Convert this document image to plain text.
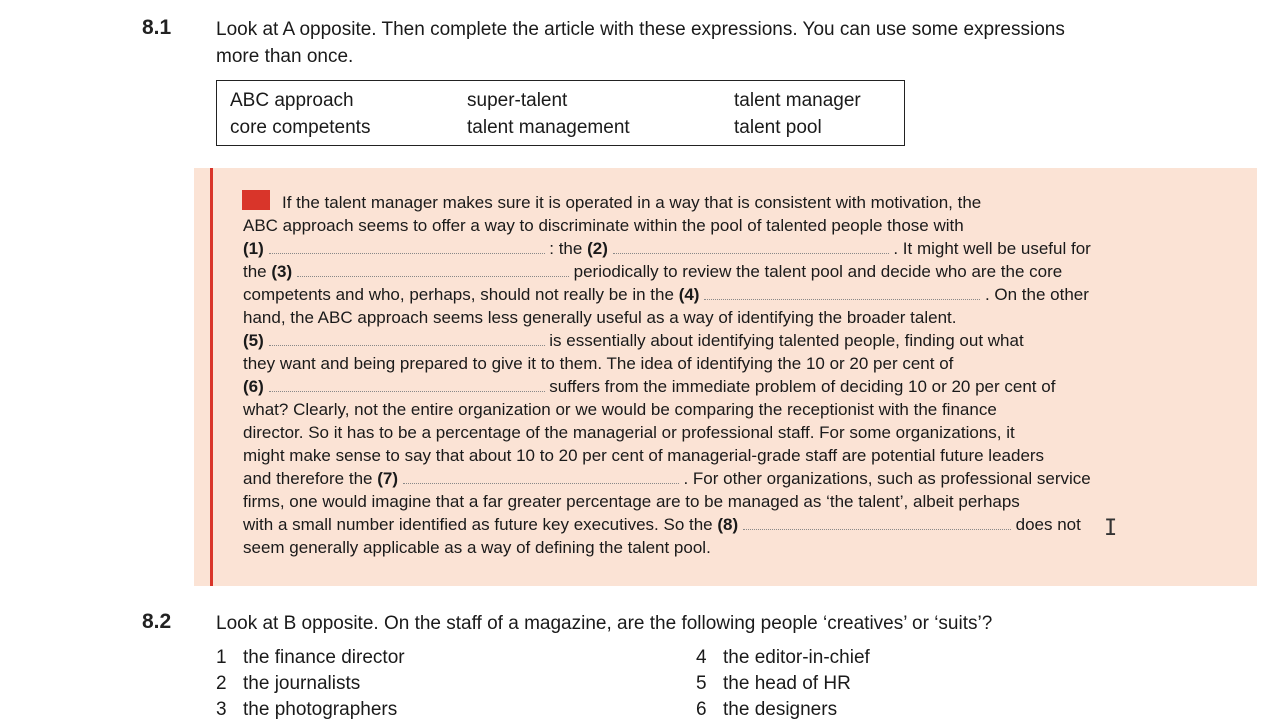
8.1 Look at A opposite. Then complete the article with these expressions. You can use some expressions
more than once.
ABC approach	super-talent	talent manager
core competents	talent management	talent pool
If the talent manager makes sure it is operated in a way that is consistent with motivation, the
ABC approach seems to offer a way to discriminate within the pool of talented people those with
(1)	: the (2)	. It might well be useful for
the (3)	periodically to review the talent pool and decide who are the core
competents and who, perhaps, should not really be in the (4)	. On the other
hand, the ABC approach seems less generally useful as a way of identifying the broader talent.
(5)	is essentially about identifying talented people, finding out what
they want and being prepared to give it to them. The idea of identifying the 10 or 20 per cent of
(6)	suffers from the immediate problem of deciding 10 or 20 per cent of
what? Clearly, not the entire organization or we would be comparing the receptionist with the finance
director. So it has to be a percentage of the managerial or professional staff. For some organizations, it
might make sense to say that about 10 to 20 per cent of managerial-grade staff are potential future leaders
and therefore the (7)	. For other organizations, such as professional service
firms, one would imagine that a far greater percentage are to be managed as ‘the talent’, albeit perhaps
with a small number identified as future key executives. So the (8)	does not
seem generally applicable as a way of defining the talent pool.
I
8.2 Look at B opposite. On the staff of a magazine, are the following people ‘creatives’ or ‘suits’?
1 the finance director
2 the journalists
3 the photographers
4 the editor-in-chief
5 the head of HR
6 the designers
